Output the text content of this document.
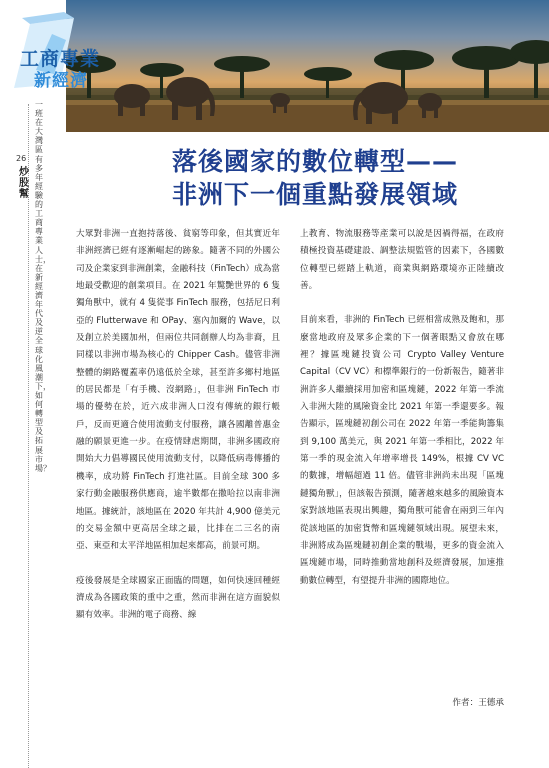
工商專業
新經濟
26
炒股幫
一班在大灣區有多年經驗的工商專業人士，在新經濟年代及逆全球化風潮下，如何轉型及拓展市場？
落後國家的數位轉型——
非洲下一個重點發展領域

大眾對非洲一直抱持落後、貧窮等印象，但其實近年非洲經濟已經有逐漸崛起的跡象。隨著不同的外國公司及企業家到非洲創業，金融科技（FinTech）成為當地最受歡迎的創業項目。在 2021 年驚艷世界的 6 隻獨角獸中，就有 4 隻從事 FinTech 服務，包括尼日利亞的 Flutterwave 和 OPay、塞內加爾的 Wave，以及創立於美國加州，但兩位共同創辦人均為非裔，且同樣以非洲市場為核心的 Chipper Cash。儘管非洲整體的網路覆蓋率仍遠低於全球，甚至許多鄉村地區的居民都是「有手機、沒網路」，但非洲 FinTech 市場的優勢在於，近六成非洲人口沒有傳統的銀行帳戶，反而更適合使用流動支付服務，讓各國離普惠金融的願景更進一步。在疫情肆虐期間，非洲多國政府開始大力倡導國民使用流動支付，以降低病毒傳播的機率，成功將 FinTech 打進社區。目前全球 300 多家行動金融服務供應商，逾半數都在撒哈拉以南非洲地區。據統計，該地區在 2020 年共計 4,900 億美元的交易金額中更高居全球之最，比排在二三名的南亞、東亞和太平洋地區相加起來都高，前景可期。

疫後發展是全球國家正面臨的問題，如何快速回種經濟成為各國政策的重中之重，然而非洲在這方面貌似顯有效率。非洲的電子商務、線

上教育、物流服務等產業可以說是因禍得福，在政府積極投資基礎建設、調整法規監管的因素下，各國數位轉型已經踏上軌道，商業與網路環境亦正陸續改善。

目前來看，非洲的 FinTech 已經相當成熟及飽和，那麼當地政府及眾多企業的下一個著眼點又會放在哪裡？據區塊鏈投資公司 Crypto Valley Venture Capital（CV VC）和標準銀行的一份新報告，隨著非洲許多人繼續採用加密和區塊鏈，2022 年第一季流入非洲大陸的風險資金比 2021 年第一季還要多。報告顯示，區塊鏈初創公司在 2022 年第一季能夠籌集到 9,100 萬美元，與 2021 年第一季相比，2022 年第一季的現金流入年增率增長 149%，根據 CV VC 的數據，增幅超過 11 倍。儘管非洲尚未出現「區塊鏈獨角獸」，但該報告預測，隨著越來越多的風險資本家對該地區表現出興趣，獨角獸可能會在兩到三年內從該地區的加密貨幣和區塊鏈領域出現。展望未來，非洲將成為區塊鏈初創企業的戰場，更多的資金流入區塊鏈市場，同時推動當地創科及經濟發展，加速推動數位轉型，有望提升非洲的國際地位。

作者：王德承
